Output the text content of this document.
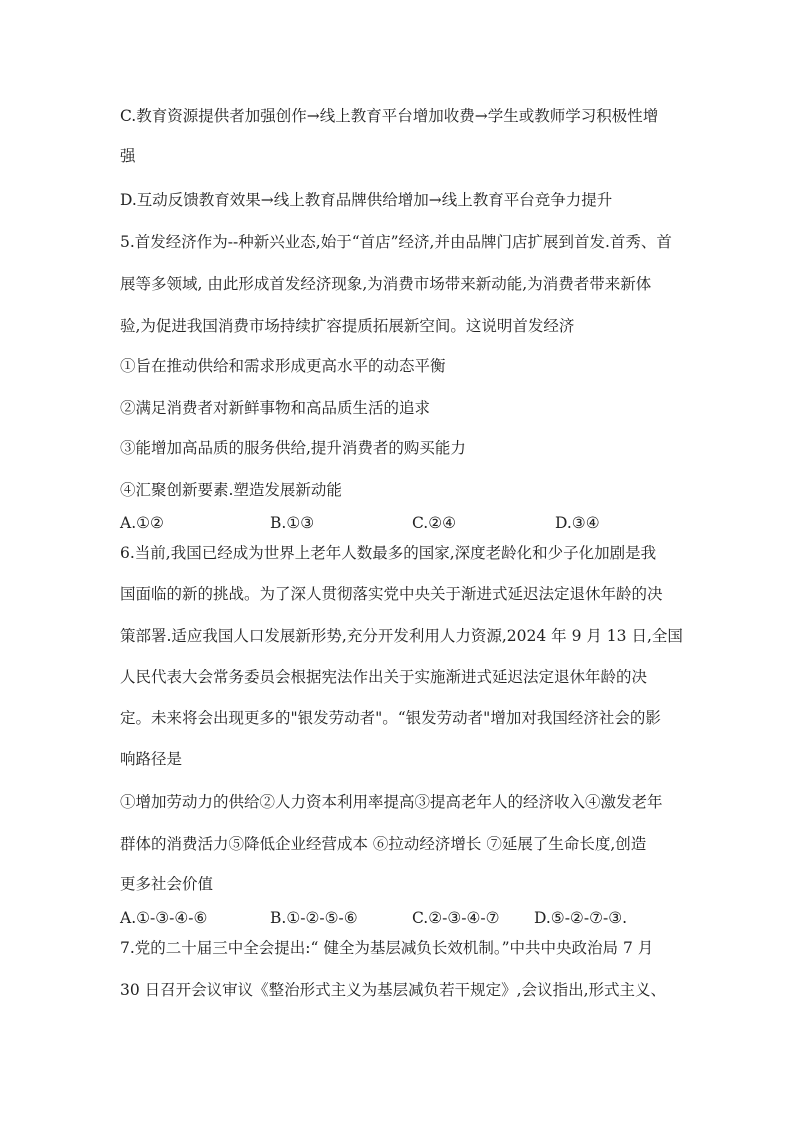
C.教育资源提供者加强创作→线上教育平台增加收费→学生或教师学习积极性增
强
D.互动反馈教育效果→线上教育品牌供给增加→线上教育平台竞争力提升
5.首发经济作为--种新兴业态,始于“首店”经济,并由品牌门店扩展到首发.首秀、首
展等多领域, 由此形成首发经济现象,为消费市场带来新动能,为消费者带来新体
验,为促进我国消费市场持续扩容提质拓展新空间。这说明首发经济
①旨在推动供给和需求形成更高水平的动态平衡
②满足消费者对新鲜事物和高品质生活的追求
③能增加高品质的服务供给,提升消费者的购买能力
④汇聚创新要素.塑造发展新动能
A.①②	B.①③	C.②④	D.③④
6.当前,我国已经成为世界上老年人数最多的国家,深度老龄化和少子化加剧是我
国面临的新的挑战。为了深人贯彻落实党中央关于渐进式延迟法定退休年龄的决
策部署.适应我国人口发展新形势,充分开发利用人力资源,2024 年 9 月 13 日,全国
人民代表大会常务委员会根据宪法作出关于实施渐进式延迟法定退休年龄的决
定。未来将会出现更多的"银发劳动者"。“银发劳动者"增加对我国经济社会的影
响路径是
①增加劳动力的供给②人力资本利用率提高③提高老年人的经济收入④激发老年
群体的消费活力⑤降低企业经营成本 ⑥拉动经济增长 ⑦延展了生命长度,创造
更多社会价值
A.①-③-④-⑥	B.①-②-⑤-⑥	C.②-③-④-⑦ D.⑤-②-⑦-③.
7.党的二十届三中全会提出:“ 健全为基层减负长效机制。”中共中央政治局 7 月
30 日召开会议审议《整治形式主义为基层减负若干规定》,会议指出,形式主义、
